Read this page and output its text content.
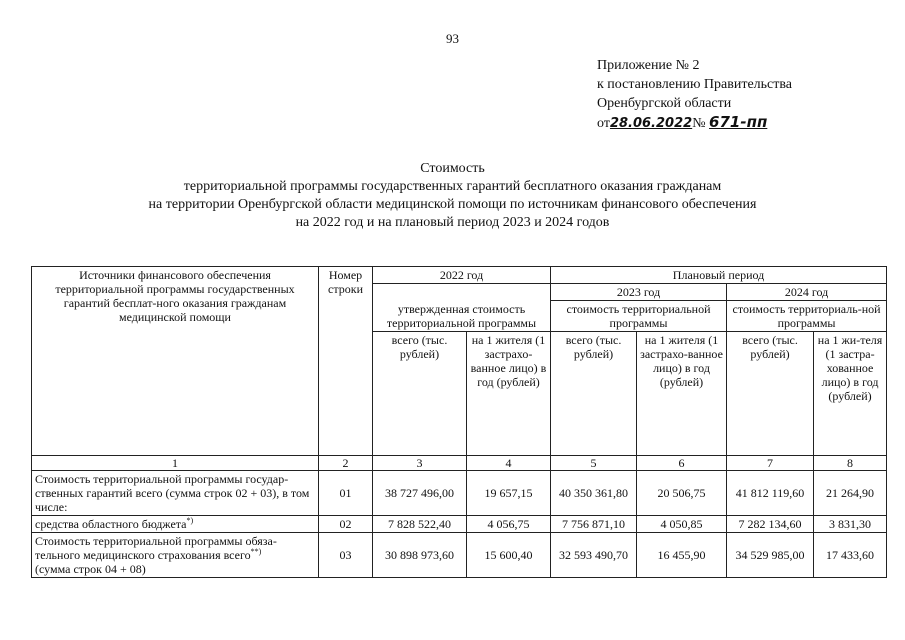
93
Приложение № 2
к постановлению Правительства
Оренбургской области
от28.06.2022№ 671-пп
Стоимость
территориальной программы государственных гарантий бесплатного оказания гражданам
на территории Оренбургской области медицинской помощи по источникам финансового обеспечения
на 2022 год и на плановый период 2023 и 2024 годов
Источники финансового обеспечения территориальной программы государственных гарантий бесплат-ного оказания гражданам медицинской помощи	Номер строки	2022 год		Плановый период			
		утвержденная стоимость территориальной программы		2023 год		2024 год	
				стоимость территориальной программы		стоимость территориаль-ной программы	
		всего (тыс. рублей)	на 1 жителя (1 застрахо-ванное лицо) в год (рублей)	всего (тыс. рублей)	на 1 жителя (1 застрахо-ванное лицо) в год (рублей)	всего (тыс. рублей)	на 1 жи-теля (1 застра-хованное лицо) в год (рублей)
1	2	3	4	5	6	7	8
Стоимость территориальной программы государ-ственных гарантий всего (сумма строк 02 + 03), в том числе:	01	38 727 496,00	19 657,15	40 350 361,80	20 506,75	41 812 119,60	21 264,90
средства областного бюджета*)	02	7 828 522,40	4 056,75	7 756 871,10	4 050,85	7 282 134,60	3 831,30
Стоимость территориальной программы обяза-тельного медицинского страхования всего**)
(сумма строк 04 + 08)	03	30 898 973,60	15 600,40	32 593 490,70	16 455,90	34 529 985,00	17 433,60
